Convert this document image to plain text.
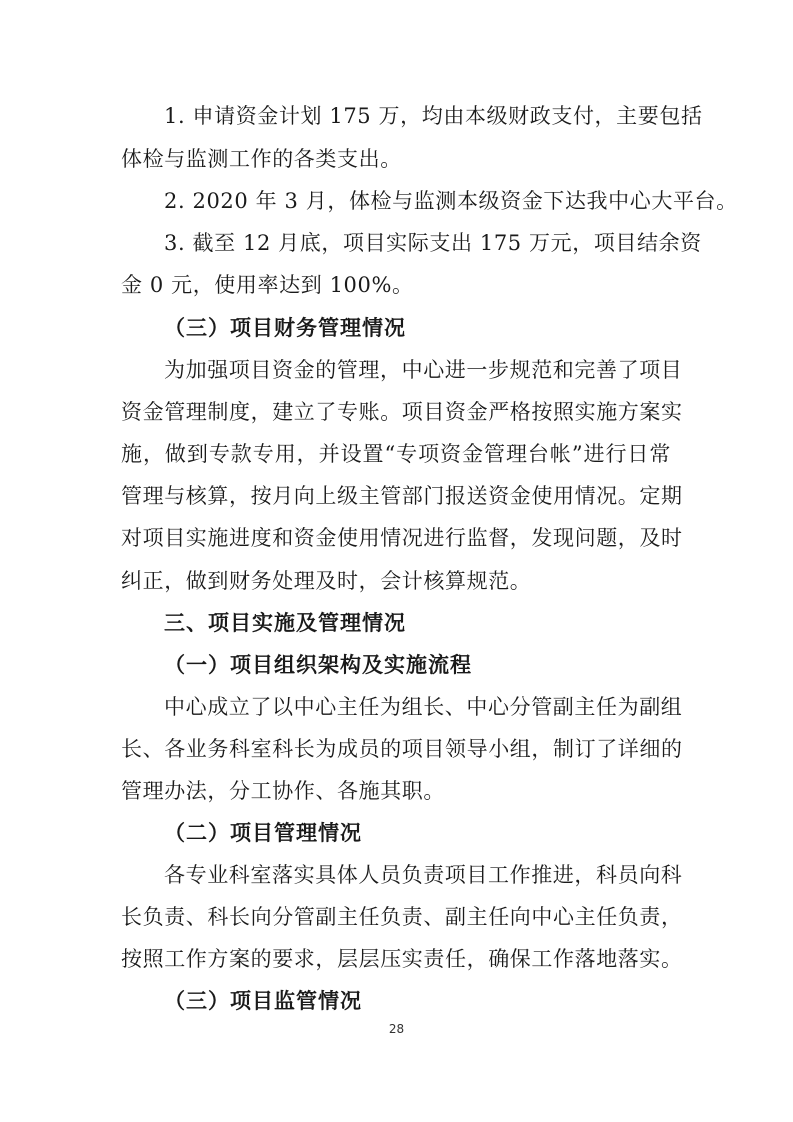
1. 申请资金计划 175 万，均由本级财政支付，主要包括
体检与监测工作的各类支出。
2. 2020 年 3 月，体检与监测本级资金下达我中心大平台。
3. 截至 12 月底，项目实际支出 175 万元，项目结余资
金 0 元，使用率达到 100%。
（三）项目财务管理情况
为加强项目资金的管理，中心进一步规范和完善了项目
资金管理制度，建立了专账。项目资金严格按照实施方案实
施，做到专款专用，并设置“专项资金管理台帐”进行日常
管理与核算，按月向上级主管部门报送资金使用情况。定期
对项目实施进度和资金使用情况进行监督，发现问题，及时
纠正，做到财务处理及时，会计核算规范。
三、项目实施及管理情况
（一）项目组织架构及实施流程
中心成立了以中心主任为组长、中心分管副主任为副组
长、各业务科室科长为成员的项目领导小组，制订了详细的
管理办法，分工协作、各施其职。
（二）项目管理情况
各专业科室落实具体人员负责项目工作推进，科员向科
长负责、科长向分管副主任负责、副主任向中心主任负责，
按照工作方案的要求，层层压实责任，确保工作落地落实。
（三）项目监管情况
28
